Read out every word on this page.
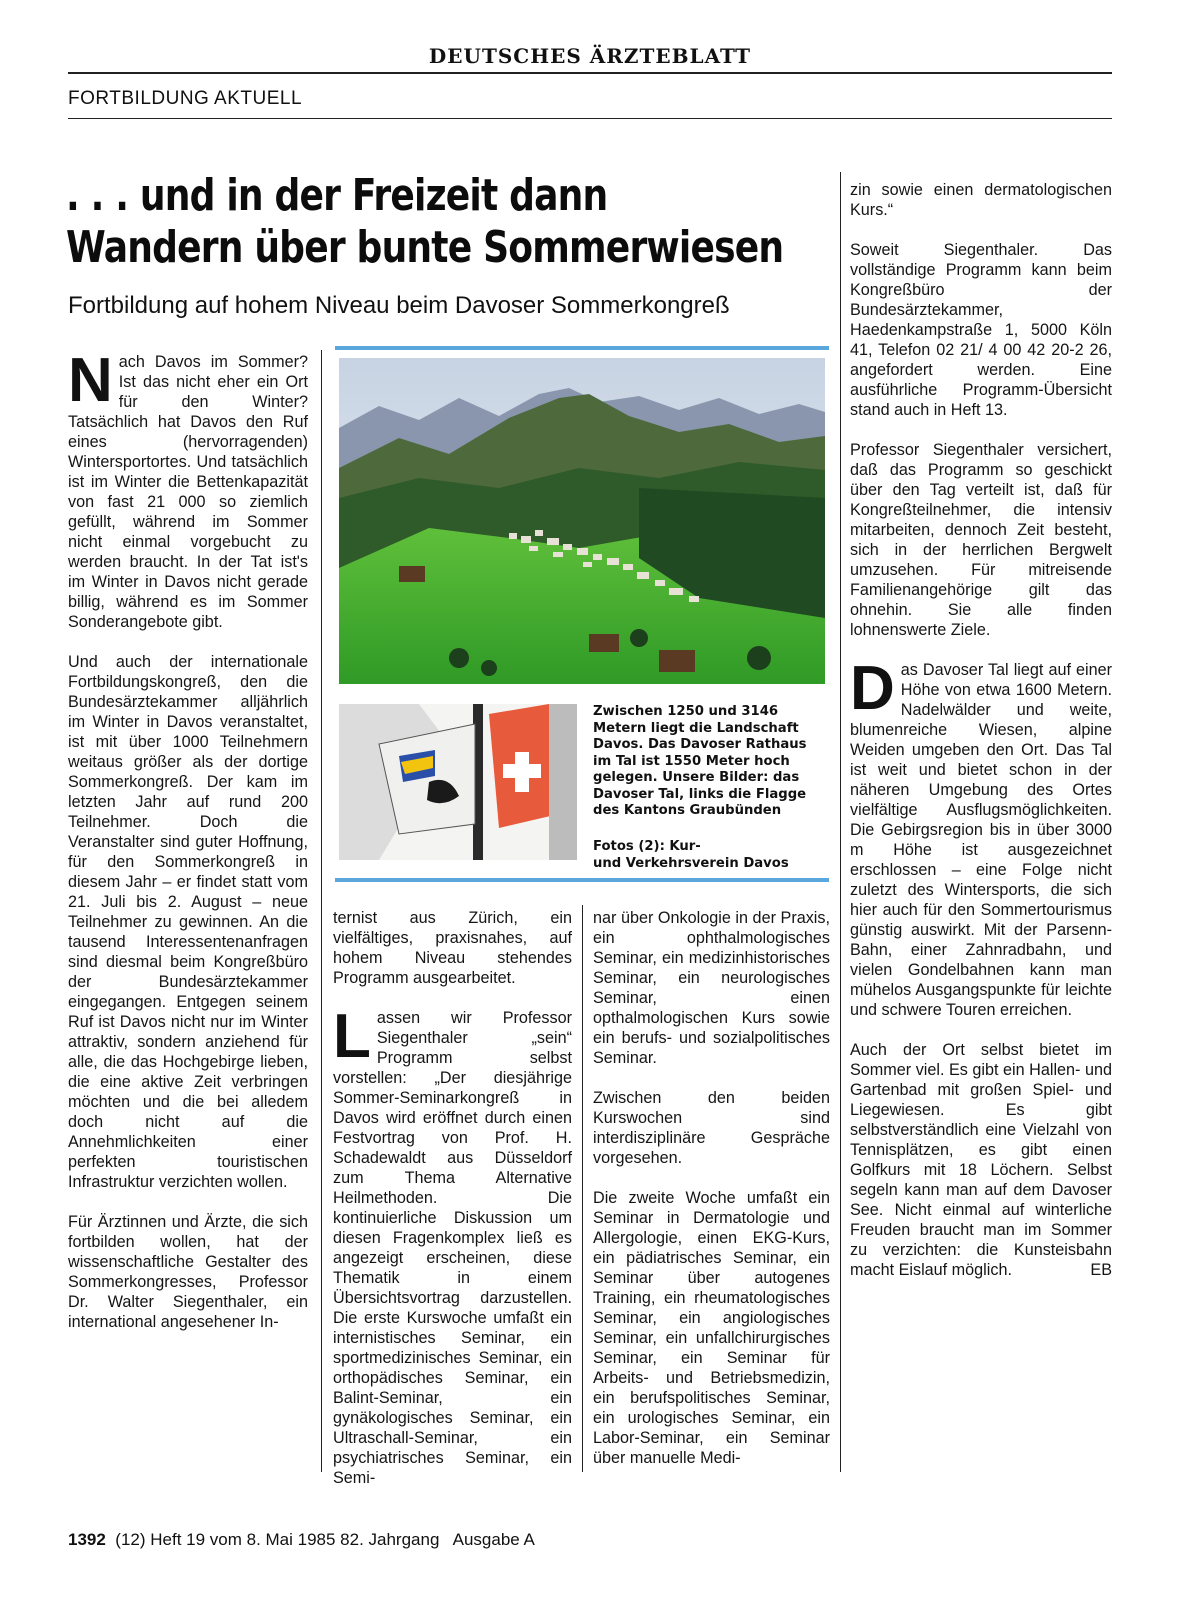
DEUTSCHES ÄRZTEBLATT
FORTBILDUNG AKTUELL
. . . und in der Freizeit dann
Wandern über bunte Sommerwiesen
Fortbildung auf hohem Niveau beim Davoser Sommerkongreß

Nach Davos im Sommer? Ist das nicht eher ein Ort für den Winter? Tatsächlich hat Davos den Ruf eines (hervorragenden) Wintersportortes. Und tatsächlich ist im Winter die Bettenkapazität von fast 21 000 so ziemlich gefüllt, während im Sommer nicht einmal vorgebucht zu werden braucht. In der Tat ist's im Winter in Davos nicht gerade billig, während es im Sommer Sonderangebote gibt.

Und auch der internationale Fortbildungskongreß, den die Bundesärztekammer alljährlich im Winter in Davos veranstaltet, ist mit über 1000 Teilnehmern weitaus größer als der dortige Sommerkongreß. Der kam im letzten Jahr auf rund 200 Teilnehmer. Doch die Veranstalter sind guter Hoffnung, für den Sommerkongreß in diesem Jahr – er findet statt vom 21. Juli bis 2. August – neue Teilnehmer zu gewinnen. An die tausend Interessentenanfragen sind diesmal beim Kongreßbüro der Bundesärztekammer eingegangen. Entgegen seinem Ruf ist Davos nicht nur im Winter attraktiv, sondern anziehend für alle, die das Hochgebirge lieben, die eine aktive Zeit verbringen möchten und die bei alledem doch nicht auf die Annehmlichkeiten einer perfekten touristischen Infrastruktur verzichten wollen.

Für Ärztinnen und Ärzte, die sich fortbilden wollen, hat der wissenschaftliche Gestalter des Sommerkongresses, Professor Dr. Walter Siegenthaler, ein international angesehener In-

Zwischen 1250 und 3146 Metern liegt die Landschaft Davos. Das Davoser Rathaus im Tal ist 1550 Meter hoch gelegen. Unsere Bilder: das Davoser Tal, links die Flagge des Kantons Graubünden
Fotos (2): Kur-
und Verkehrsverein Davos

ternist aus Zürich, ein vielfältiges, praxisnahes, auf hohem Niveau stehendes Programm ausgearbeitet.

Lassen wir Professor Siegenthaler „sein“ Programm selbst vorstellen: „Der diesjährige Sommer-Seminarkongreß in Davos wird eröffnet durch einen Festvortrag von Prof. H. Schadewaldt aus Düsseldorf zum Thema Alternative Heilmethoden. Die kontinuierliche Diskussion um diesen Fragenkomplex ließ es angezeigt erscheinen, diese Thematik in einem Übersichtsvortrag darzustellen. Die erste Kurswoche umfaßt ein internistisches Seminar, ein sportmedizinisches Seminar, ein orthopädisches Seminar, ein Balint-Seminar, ein gynäkologisches Seminar, ein Ultraschall-Seminar, ein psychiatrisches Seminar, ein Semi-

nar über Onkologie in der Praxis, ein ophthalmologisches Seminar, ein medizinhistorisches Seminar, ein neurologisches Seminar, einen opthalmologischen Kurs sowie ein berufs- und sozialpolitisches Seminar.

Zwischen den beiden Kurswochen sind interdisziplinäre Gespräche vorgesehen.

Die zweite Woche umfaßt ein Seminar in Dermatologie und Allergologie, einen EKG-Kurs, ein pädiatrisches Seminar, ein Seminar über autogenes Training, ein rheumatologisches Seminar, ein angiologisches Seminar, ein unfallchirurgisches Seminar, ein Seminar für Arbeits- und Betriebsmedizin, ein berufspolitisches Seminar, ein urologisches Seminar, ein Labor-Seminar, ein Seminar über manuelle Medi-

zin sowie einen dermatologischen Kurs.“

Soweit Siegenthaler. Das vollständige Programm kann beim Kongreßbüro der Bundesärztekammer, Haedenkampstraße 1, 5000 Köln 41, Telefon 02 21/ 4 00 42 20-2 26, angefordert werden. Eine ausführliche Programm-Übersicht stand auch in Heft 13.

Professor Siegenthaler versichert, daß das Programm so geschickt über den Tag verteilt ist, daß für Kongreßteilnehmer, die intensiv mitarbeiten, dennoch Zeit besteht, sich in der herrlichen Bergwelt umzusehen. Für mitreisende Familienangehörige gilt das ohnehin. Sie alle finden lohnenswerte Ziele.

Das Davoser Tal liegt auf einer Höhe von etwa 1600 Metern. Nadelwälder und weite, blumenreiche Wiesen, alpine Weiden umgeben den Ort. Das Tal ist weit und bietet schon in der näheren Umgebung des Ortes vielfältige Ausflugsmöglichkeiten. Die Gebirgsregion bis in über 3000 m Höhe ist ausgezeichnet erschlossen – eine Folge nicht zuletzt des Wintersports, die sich hier auch für den Sommertourismus günstig auswirkt. Mit der Parsenn-Bahn, einer Zahnradbahn, und vielen Gondelbahnen kann man mühelos Ausgangspunkte für leichte und schwere Touren erreichen.

Auch der Ort selbst bietet im Sommer viel. Es gibt ein Hallen- und Gartenbad mit großen Spiel- und Liegewiesen. Es gibt selbstverständlich eine Vielzahl von Tennisplätzen, es gibt einen Golfkurs mit 18 Löchern. Selbst segeln kann man auf dem Davoser See. Nicht einmal auf winterliche Freuden braucht man im Sommer zu verzichten: die Kunsteisbahn macht Eislauf möglich.	EB

1392 (12) Heft 19 vom 8. Mai 1985 82. Jahrgang   Ausgabe A
